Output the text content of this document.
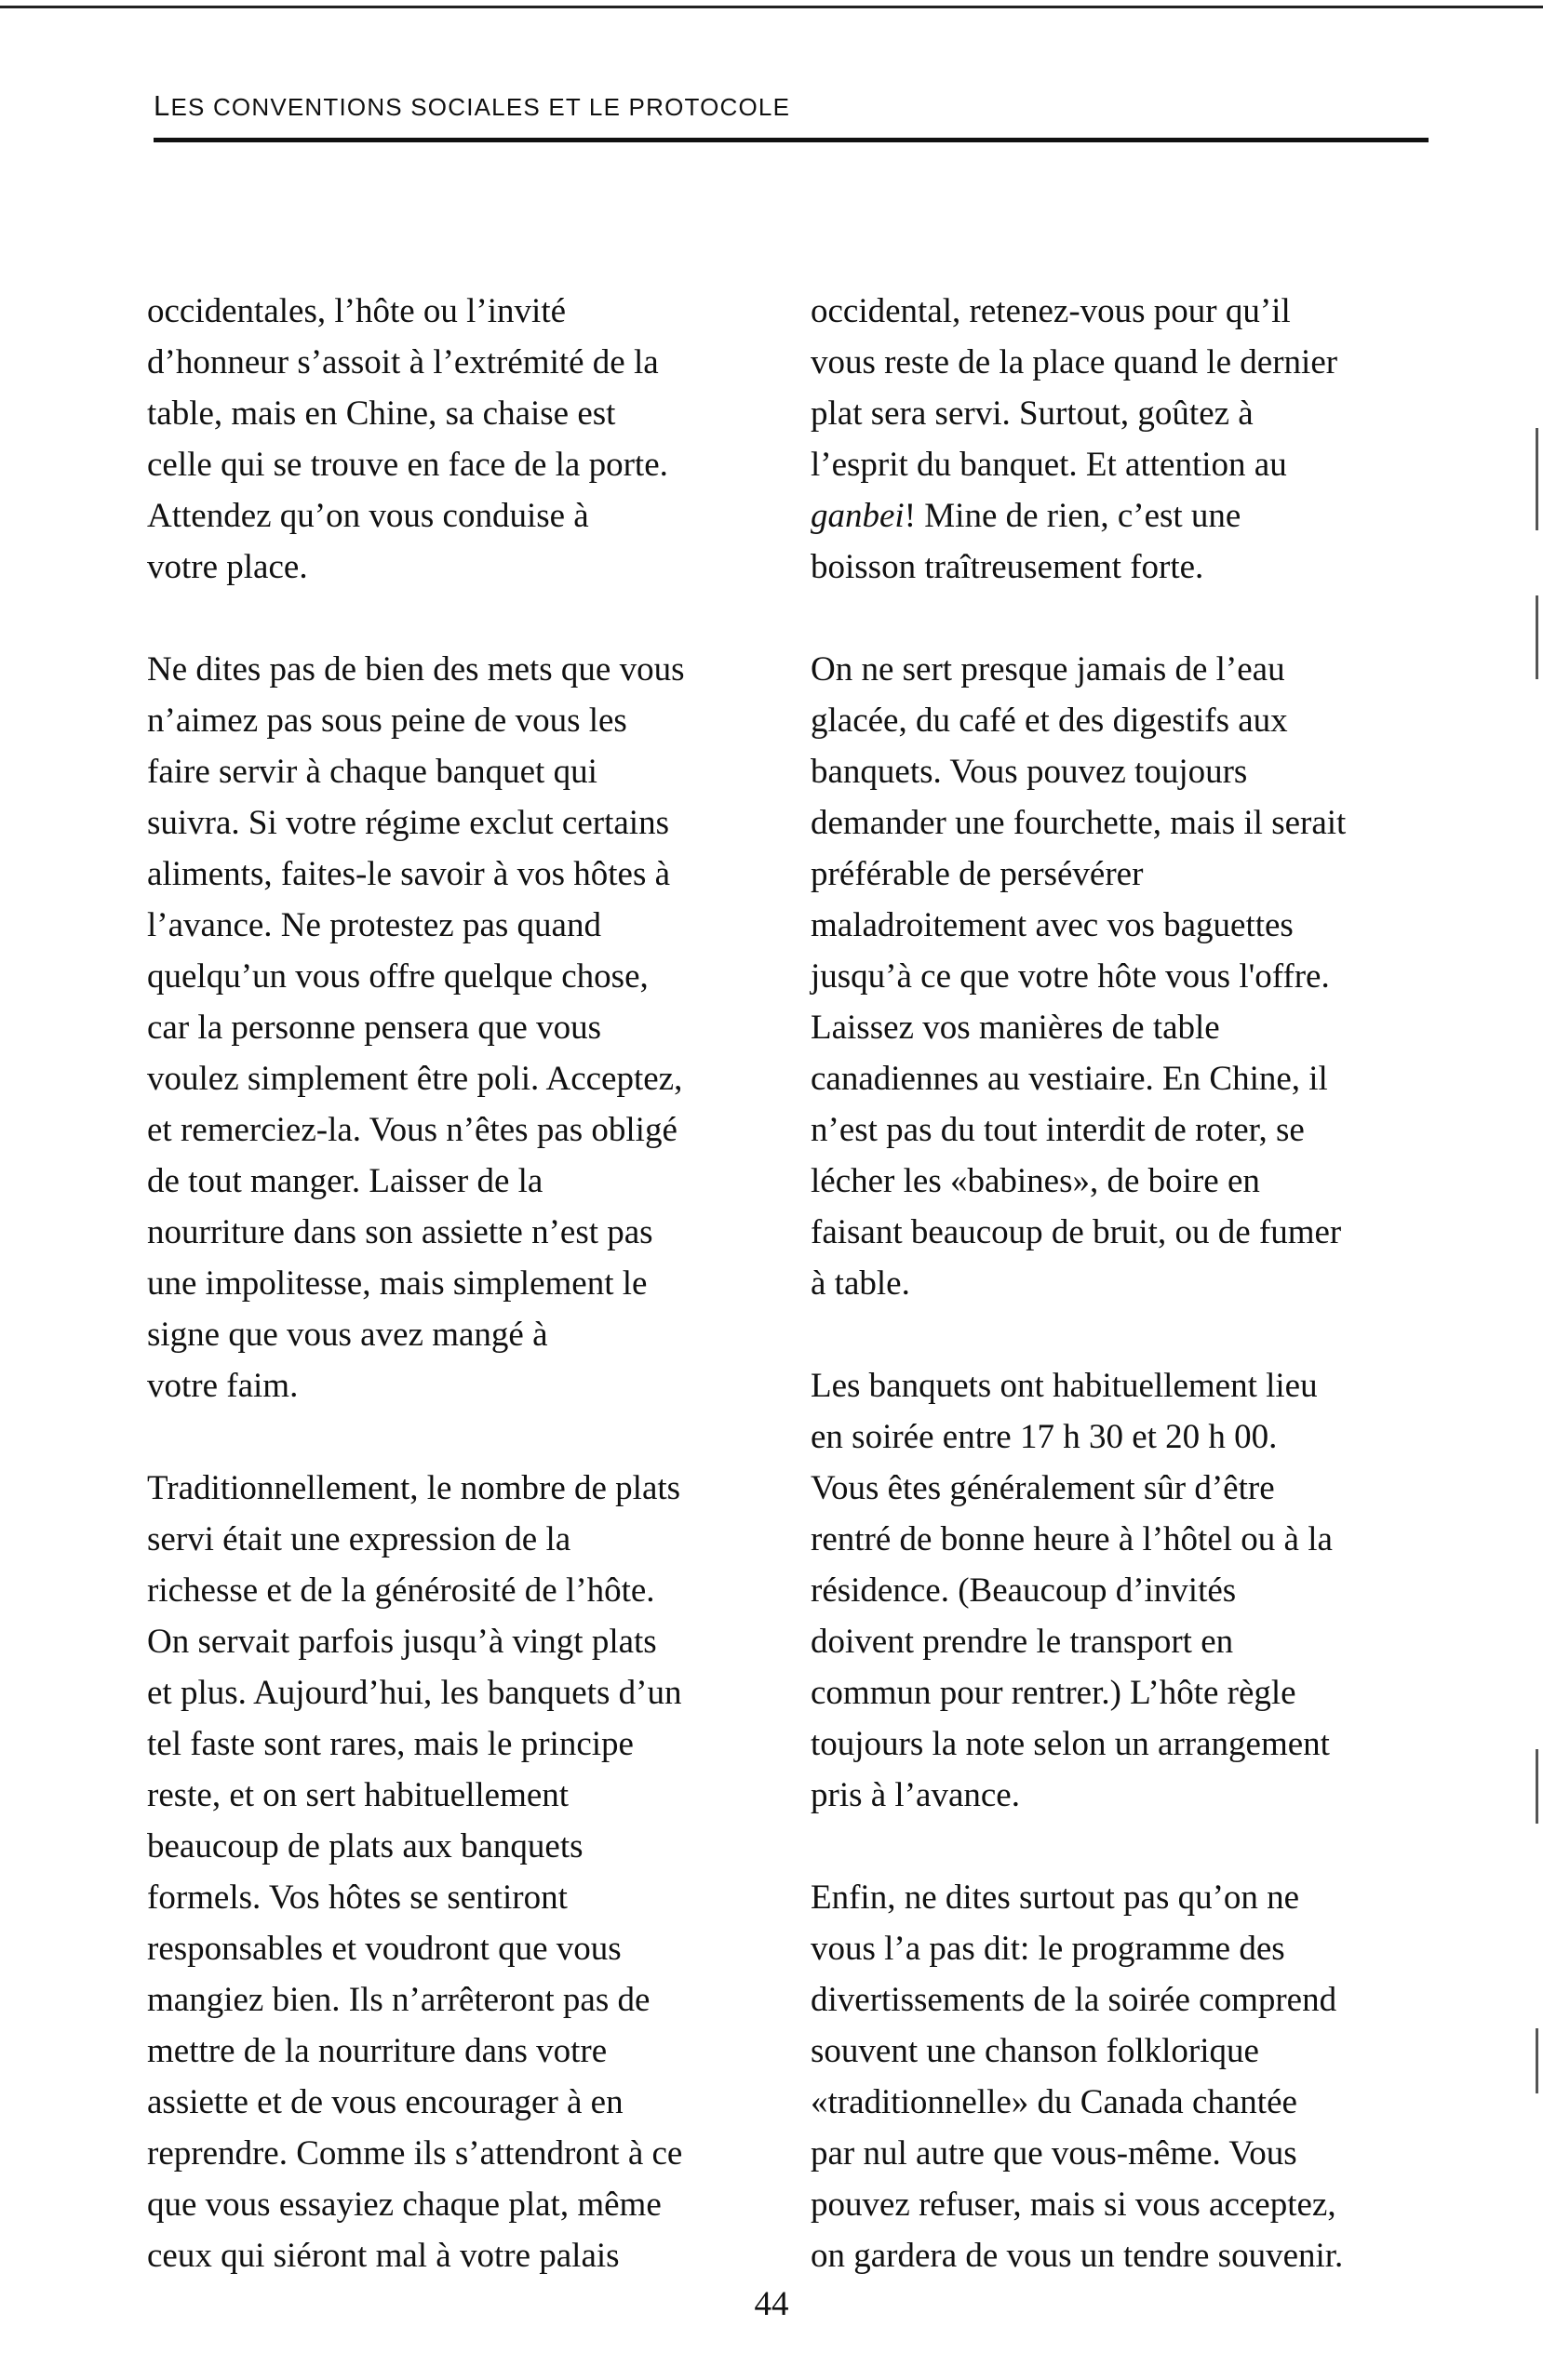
LES CONVENTIONS SOCIALES ET LE PROTOCOLE

occidentales, l’hôte ou l’invité
d’honneur s’assoit à l’extrémité de la
table, mais en Chine, sa chaise est
celle qui se trouve en face de la porte.
Attendez qu’on vous conduise à
votre place.

Ne dites pas de bien des mets que vous
n’aimez pas sous peine de vous les
faire servir à chaque banquet qui
suivra. Si votre régime exclut certains
aliments, faites-le savoir à vos hôtes à
l’avance. Ne protestez pas quand
quelqu’un vous offre quelque chose,
car la personne pensera que vous
voulez simplement être poli. Acceptez,
et remerciez-la. Vous n’êtes pas obligé
de tout manger. Laisser de la
nourriture dans son assiette n’est pas
une impolitesse, mais simplement le
signe que vous avez mangé à
votre faim.

Traditionnellement, le nombre de plats
servi était une expression de la
richesse et de la générosité de l’hôte.
On servait parfois jusqu’à vingt plats
et plus. Aujourd’hui, les banquets d’un
tel faste sont rares, mais le principe
reste, et on sert habituellement
beaucoup de plats aux banquets
formels. Vos hôtes se sentiront
responsables et voudront que vous
mangiez bien. Ils n’arrêteront pas de
mettre de la nourriture dans votre
assiette et de vous encourager à en
reprendre. Comme ils s’attendront à ce
que vous essayiez chaque plat, même
ceux qui siéront mal à votre palais

occidental, retenez-vous pour qu’il
vous reste de la place quand le dernier
plat sera servi. Surtout, goûtez à
l’esprit du banquet. Et attention au
ganbei! Mine de rien, c’est une
boisson traîtreusement forte.

On ne sert presque jamais de l’eau
glacée, du café et des digestifs aux
banquets. Vous pouvez toujours
demander une fourchette, mais il serait
préférable de persévérer
maladroitement avec vos baguettes
jusqu’à ce que votre hôte vous l'offre.
Laissez vos manières de table
canadiennes au vestiaire. En Chine, il
n’est pas du tout interdit de roter, se
lécher les «babines», de boire en
faisant beaucoup de bruit, ou de fumer
à table.

Les banquets ont habituellement lieu
en soirée entre 17 h 30 et 20 h 00.
Vous êtes généralement sûr d’être
rentré de bonne heure à l’hôtel ou à la
résidence. (Beaucoup d’invités
doivent prendre le transport en
commun pour rentrer.) L’hôte règle
toujours la note selon un arrangement
pris à l’avance.

Enfin, ne dites surtout pas qu’on ne
vous l’a pas dit: le programme des
divertissements de la soirée comprend
souvent une chanson folklorique
«traditionnelle» du Canada chantée
par nul autre que vous-même. Vous
pouvez refuser, mais si vous acceptez,
on gardera de vous un tendre souvenir.

44
